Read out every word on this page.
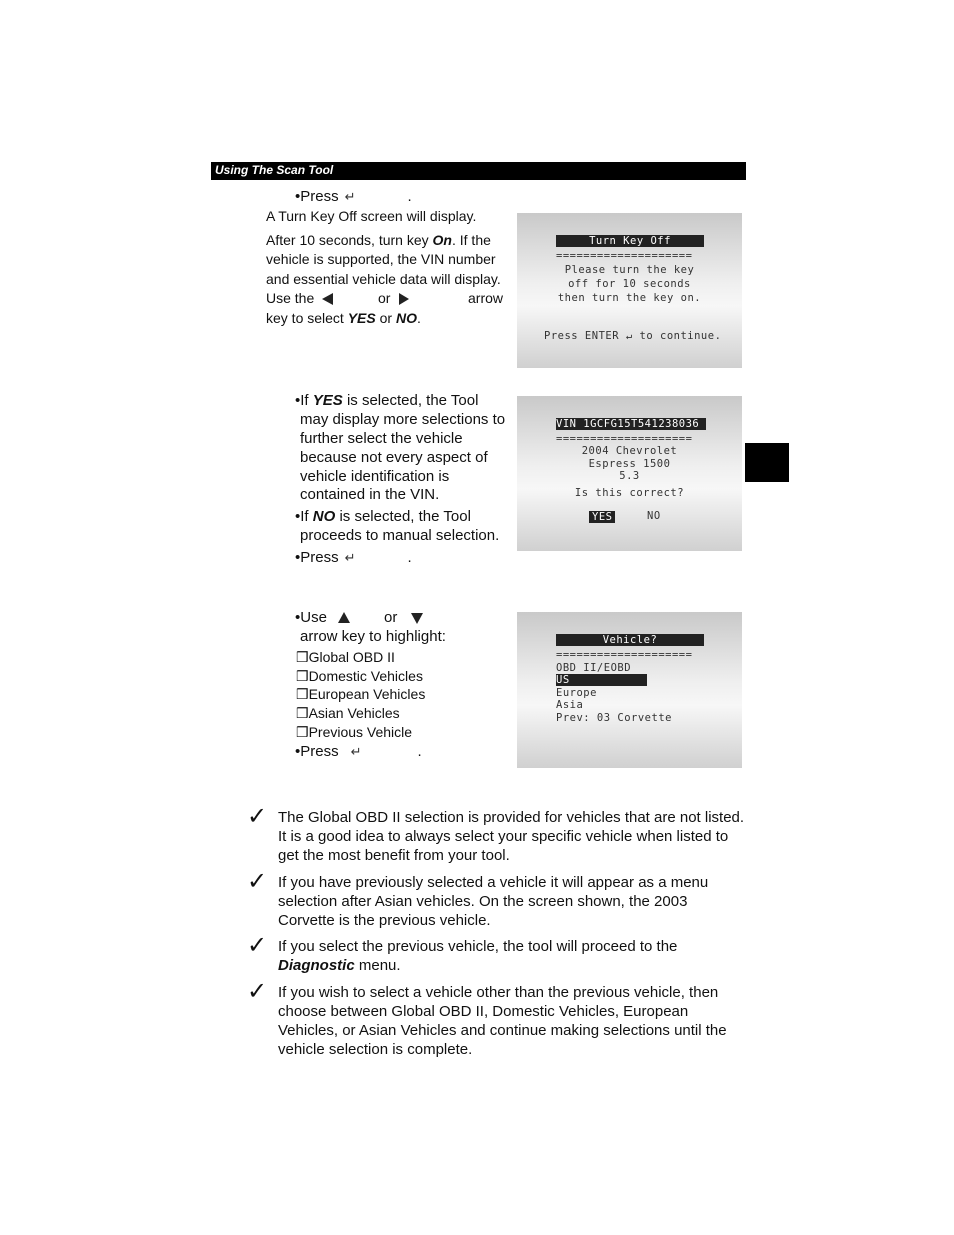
Using The Scan Tool
•Press ↵	.
A Turn Key Off screen will display.
After 10 seconds, turn key On. If the
vehicle is supported, the VIN number
and essential vehicle data will display.
Use the	or	arrow
key to select YES or NO.
Turn Key Off
====================
Please turn the key
off for 10 seconds
then turn the key on.
Press ENTER ↵ to continue.
•If YES is selected, the Tool
may display more selections to
further select the vehicle
because not every aspect of
vehicle identification is
contained in the VIN.
•If NO is selected, the Tool
proceeds to manual selection.
•Press ↵	.
VIN 1GCFG15T541238036
====================
2004 Chevrolet
Espress 1500
5.3
Is this correct?
YES	NO
•Use	or
arrow key to highlight:
❒Global OBD II
❒Domestic Vehicles
❒European Vehicles
❒Asian Vehicles
❒Previous Vehicle
•Press ↵	.
Vehicle?
====================
OBD II/EOBD
US
Europe
Asia
Prev: 03 Corvette
✓ The Global OBD II selection is provided for vehicles that are not listed. It is a good idea to always select your specific vehicle when listed to get the most benefit from your tool.
✓ If you have previously selected a vehicle it will appear as a menu selection after Asian vehicles. On the screen shown, the 2003 Corvette is the previous vehicle.
✓ If you select the previous vehicle, the tool will proceed to the Diagnostic menu.
✓ If you wish to select a vehicle other than the previous vehicle, then choose between Global OBD II, Domestic Vehicles, European Vehicles, or Asian Vehicles and continue making selections until the vehicle selection is complete.
